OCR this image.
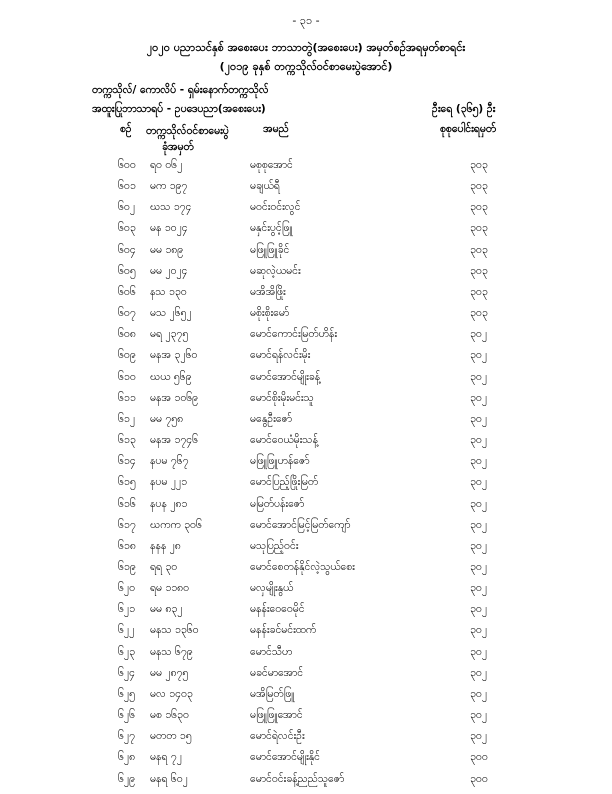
- ၃၁ -
၂၀၂၀ ပညာသင်နှစ် အစေးပေး ဘာသာတွဲ(အစေးပေး) အမှတ်စဉ်အရမှတ်စာရင်း
(၂၀၁၉ ခုနှစ် တက္ကသိုလ်ဝင်စာမေးပွဲအောင်)
တက္ကသိုလ်/ ကောလိပ် - ရှမ်းနောက်တက္ကသိုလ်
အထူးပြုဘာသာရပ် - ဥပဒေပညာ(အစေးပေး)	ဦးရေ (၃၆၅) ဦး
စဉ် တက္ကသိုလ်ဝင်စာမေးပွဲ
ခုံအမှတ်
အမည်	စုစုပေါင်းရမှတ်
၆၀၀ ရဝ ၀၆၂	မစုစုအောင်	၃၀၃
၆၀၁ မက ၁၉၇	မချယ်ရီ	၃၀၃
၆၀၂ ဃသ ၁၇၄	မဝင်းဝင်းလွင်	၃၀၃
၆၀၃ မန ၁၀၂၄	မနှင်းပွင့်ဖြူ	၃၀၃
၆၀၄ မမ ၁၈၉	မဖြူဖြူခိုင်	၃၀၃
၆၀၅ မမ ၂၀၂၄	မဆုလဲ့ယမင်း	၃၀၃
၆၀၆ နသ ၁၃၀	မအိအိဖြိုး	၃၀၃
၆၀၇ မသ ၂၆၅၂	မစိုးစိုးမော်	၃၀၃
၆၀၈ မရ ၂၃၇၅	မောင်ကောင်းမြတ်ဟိန်း	၃၀၂
၆၀၉ မနအ ၃၂၆၀	မောင်ရန်လင်းမိုး	၃၀၂
၆၁၀ ဃယ ၅၆၉	မောင်အောင်မျိုးခန့်	၃၀၂
၆၁၁ မနအ ၁၀၆၉	မောင်စိုးမိုးမင်းသူ	၃၀၂
၆၁၂ မမ ၇၅၈	မနွေဦးဇော်	၃၀၂
၆၁၃ မနအ ၁၇၄၆	မောင်ဝေယံမိုးသန့်	၃၀၂
၆၁၄ နပမ ၇၆၇	မဖြူဖြူဟန်ဇော်	၃၀၂
၆၁၅ နပမ ၂၂၁	မောင်ပြည့်ဖြိုးမြတ်	၃၀၂
၆၁၆ နပန ၂၈၁	မမြတ်ပန်းဇော်	၃၀၂
၆၁၇ ဃကက ၃၀၆	မောင်အောင်မြင့်မြတ်ကျော်	၃၀၂
၆၁၈ နနန ၂၈	မသုပြည့်ဝင်း	၃၀၂
၆၁၉ ရရ ၃၀	မောင်စေတန်နိုင်လဲ့သွယ်စေး	၃၀၂
၆၂၀ ရမ ၁၁၈၀	မလှမျိုးနွယ်	၃၀၂
၆၂၁ မမ ၈၃၂	မနန်းဝေဝေမိုင်	၃၀၂
၆၂၂ မနသ ၁၃၆၀	မနန်းခင်မင်းထက်	၃၀၂
၆၂၃ မနသ ၆၇၉	မောင်သီဟ	၃၀၂
၆၂၄ မမ ၂၈၇၅	မခင်မာအောင်	၃၀၂
၆၂၅ မလ ၁၄၀၃	မအိမြတ်ဖြူ	၃၀၂
၆၂၆ မစ ၁၆၃၀	မဖြူဖြူအောင်	၃၀၂
၆၂၇ မတတ ၁၅	မောင်ရဲလင်းဦး	၃၀၂
၆၂၈ မနရ ၇၂	မောင်အောင်မျိုးနိုင်	၃၀၀
၆၂၉ မနရ ၆၀၂	မောင်ဝင်းခန့်ညည်သူဇော်	၃၀၀
